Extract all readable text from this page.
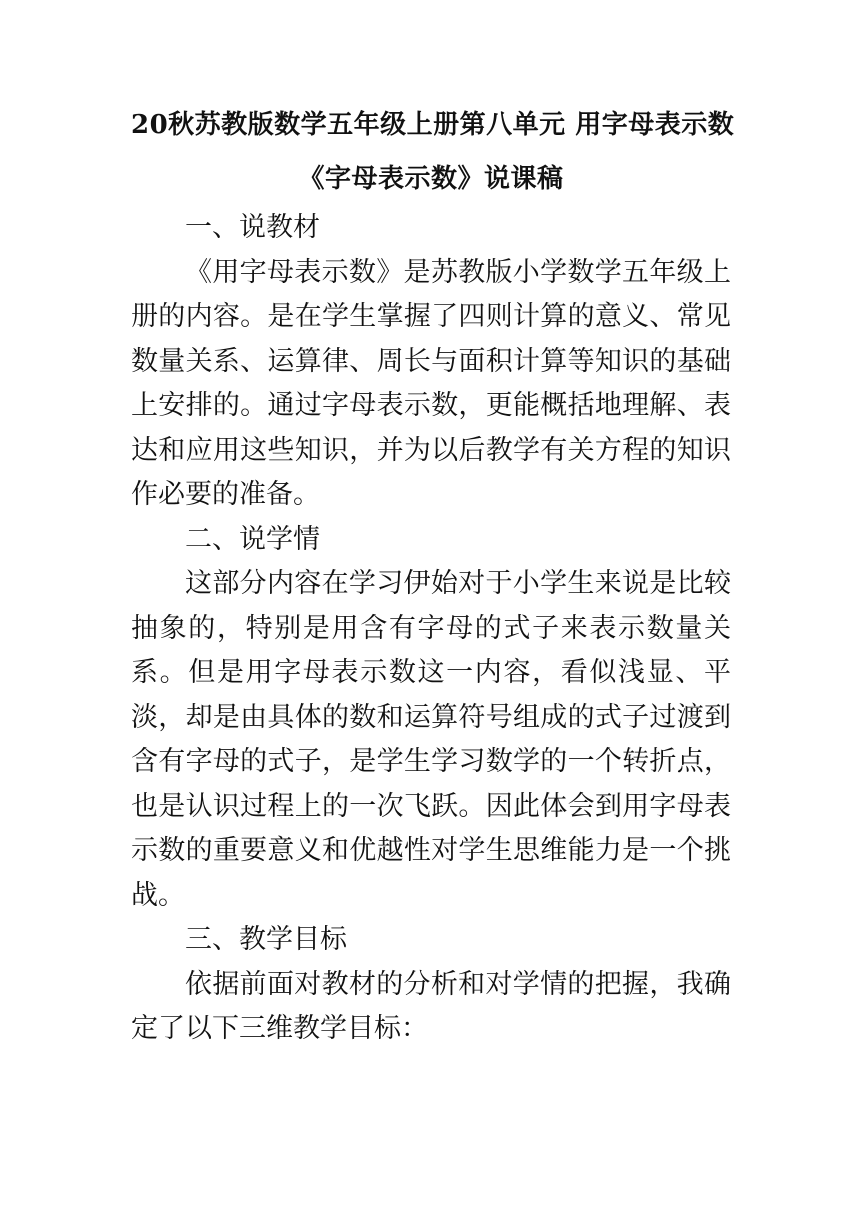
20秋苏教版数学五年级上册第八单元 用字母表示数
《字母表示数》说课稿

一、说教材

《用字母表示数》是苏教版小学数学五年级上册的内容。是在学生掌握了四则计算的意义、常见数量关系、运算律、周长与面积计算等知识的基础上安排的。通过字母表示数，更能概括地理解、表达和应用这些知识，并为以后教学有关方程的知识作必要的准备。

二、说学情

这部分内容在学习伊始对于小学生来说是比较抽象的，特别是用含有字母的式子来表示数量关系。但是用字母表示数这一内容，看似浅显、平淡，却是由具体的数和运算符号组成的式子过渡到含有字母的式子，是学生学习数学的一个转折点，也是认识过程上的一次飞跃。因此体会到用字母表示数的重要意义和优越性对学生思维能力是一个挑战。

三、教学目标

依据前面对教材的分析和对学情的把握，我确定了以下三维教学目标：
